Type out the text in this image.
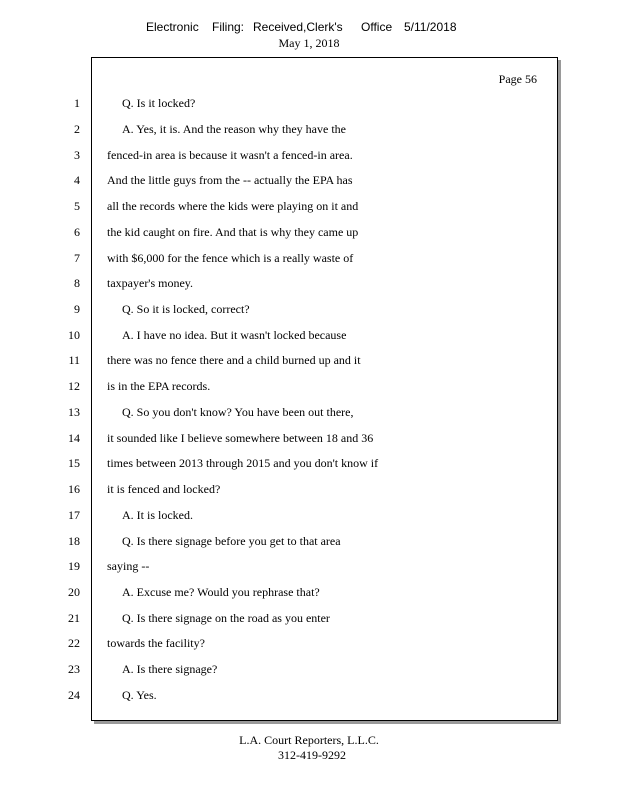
Electronic Filing: Received,Clerk's Office 5/11/2018
May 1, 2018
Page 56
1	Q. Is it locked?
2	A. Yes, it is. And the reason why they have the
3 fenced-in area is because it wasn't a fenced-in area.
4 And the little guys from the -- actually the EPA has
5 all the records where the kids were playing on it and
6 the kid caught on fire. And that is why they came up
7 with $6,000 for the fence which is a really waste of
8 taxpayer's money.
9	Q. So it is locked, correct?
10	A. I have no idea. But it wasn't locked because
11 there was no fence there and a child burned up and it
12 is in the EPA records.
13	Q. So you don't know? You have been out there,
14 it sounded like I believe somewhere between 18 and 36
15 times between 2013 through 2015 and you don't know if
16 it is fenced and locked?
17	A. It is locked.
18	Q. Is there signage before you get to that area
19 saying --
20	A. Excuse me? Would you rephrase that?
21	Q. Is there signage on the road as you enter
22 towards the facility?
23	A. Is there signage?
24	Q. Yes.
L.A. Court Reporters, L.L.C.
312-419-9292
